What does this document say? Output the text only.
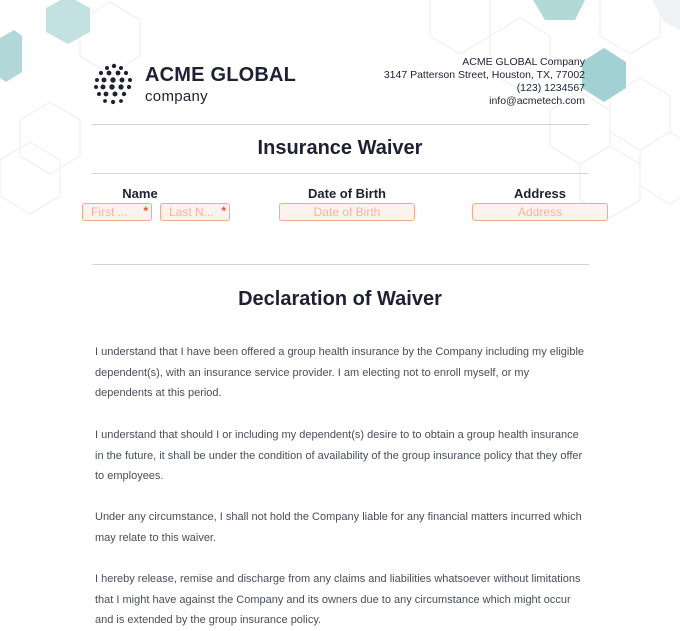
ACME GLOBAL
company
ACME GLOBAL Company
3147 Patterson Street, Houston, TX, 77002
(123) 1234567
info@acmetech.com
Insurance Waiver
Name
First ... *	Last N... *
Date of Birth
Date of Birth
Address
Address
Declaration of Waiver
I understand that I have been offered a group health insurance by the Company including my eligible dependent(s), with an insurance service provider. I am electing not to enroll myself, or my dependents at this period.
I understand that should I or including my dependent(s) desire to to obtain a group health insurance in the future, it shall be under the condition of availability of the group insurance policy that they offer to employees.
Under any circumstance, I shall not hold the Company liable for any financial matters incurred which may relate to this waiver.
I hereby release, remise and discharge from any claims and liabilities whatsoever without limitations that I might have against the Company and its owners due to any circumstance which might occur and is extended by the group insurance policy.
